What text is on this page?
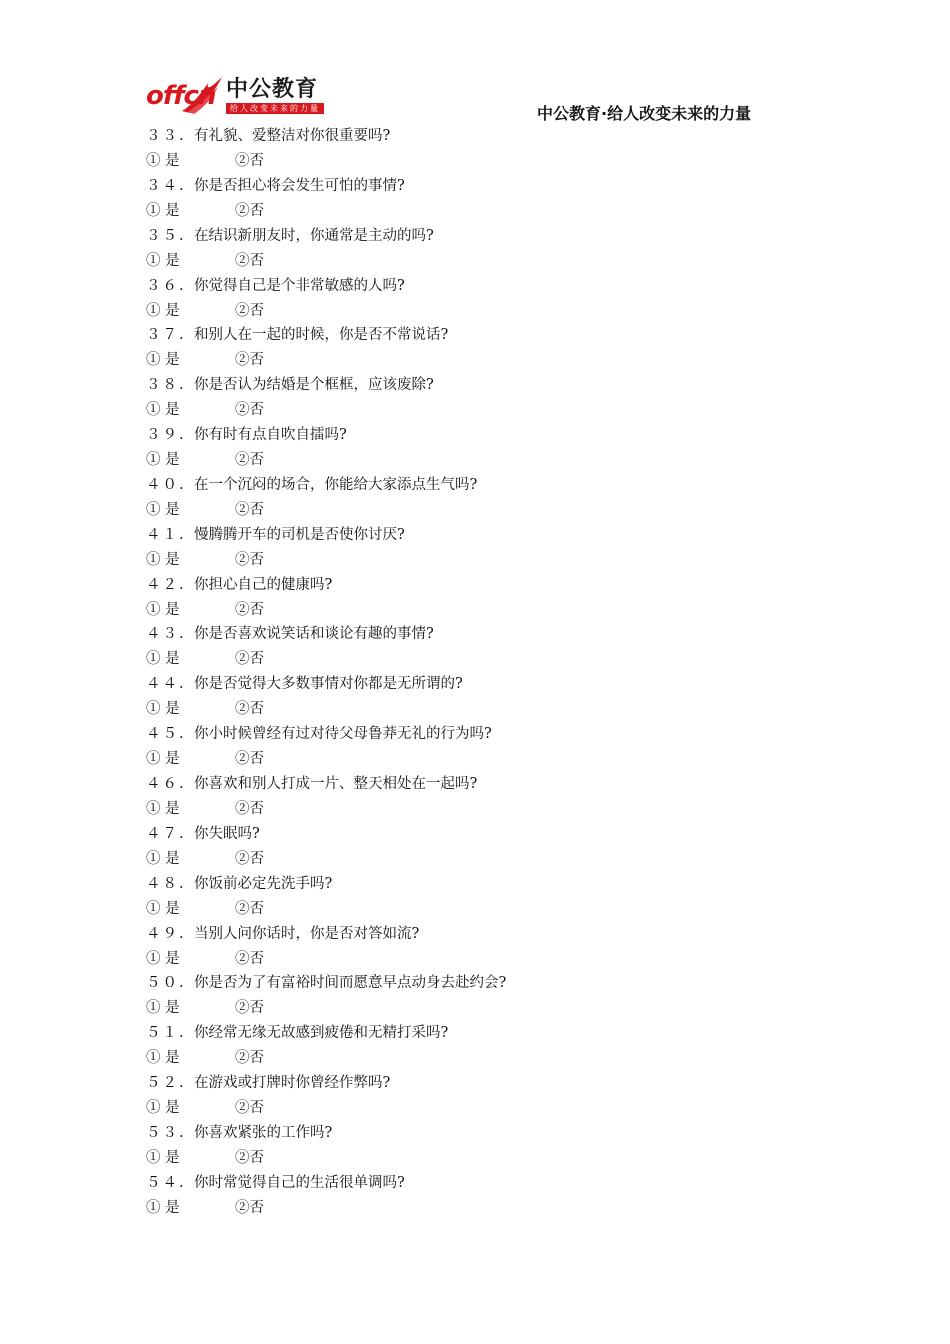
offcn 中公教育
给人改变未来的力量	中公教育·给人改变未来的力量
３３. 有礼貌、爱整洁对你很重要吗?
① 是	②否
３４. 你是否担心将会发生可怕的事情?
① 是	②否
３５. 在结识新朋友时，你通常是主动的吗?
① 是	②否
３６. 你觉得自己是个非常敏感的人吗?
① 是	②否
３７. 和别人在一起的时候，你是否不常说话?
① 是	②否
３８. 你是否认为结婚是个框框，应该废除?
① 是	②否
３９. 你有时有点自吹自擂吗?
① 是	②否
４０. 在一个沉闷的场合，你能给大家添点生气吗?
① 是	②否
４１. 慢腾腾开车的司机是否使你讨厌?
① 是	②否
４２. 你担心自己的健康吗?
① 是	②否
４３. 你是否喜欢说笑话和谈论有趣的事情?
① 是	②否
４４. 你是否觉得大多数事情对你都是无所谓的?
① 是	②否
４５. 你小时候曾经有过对待父母鲁莽无礼的行为吗?
① 是	②否
４６. 你喜欢和别人打成一片、整天相处在一起吗?
① 是	②否
４７. 你失眠吗?
① 是	②否
４８. 你饭前必定先洗手吗?
① 是	②否
４９. 当别人问你话时，你是否对答如流?
① 是	②否
５０. 你是否为了有富裕时间而愿意早点动身去赴约会?
① 是	②否
５１. 你经常无缘无故感到疲倦和无精打采吗?
① 是	②否
５２. 在游戏或打牌时你曾经作弊吗?
① 是	②否
５３. 你喜欢紧张的工作吗?
① 是	②否
５４. 你时常觉得自己的生活很单调吗?
① 是	②否
